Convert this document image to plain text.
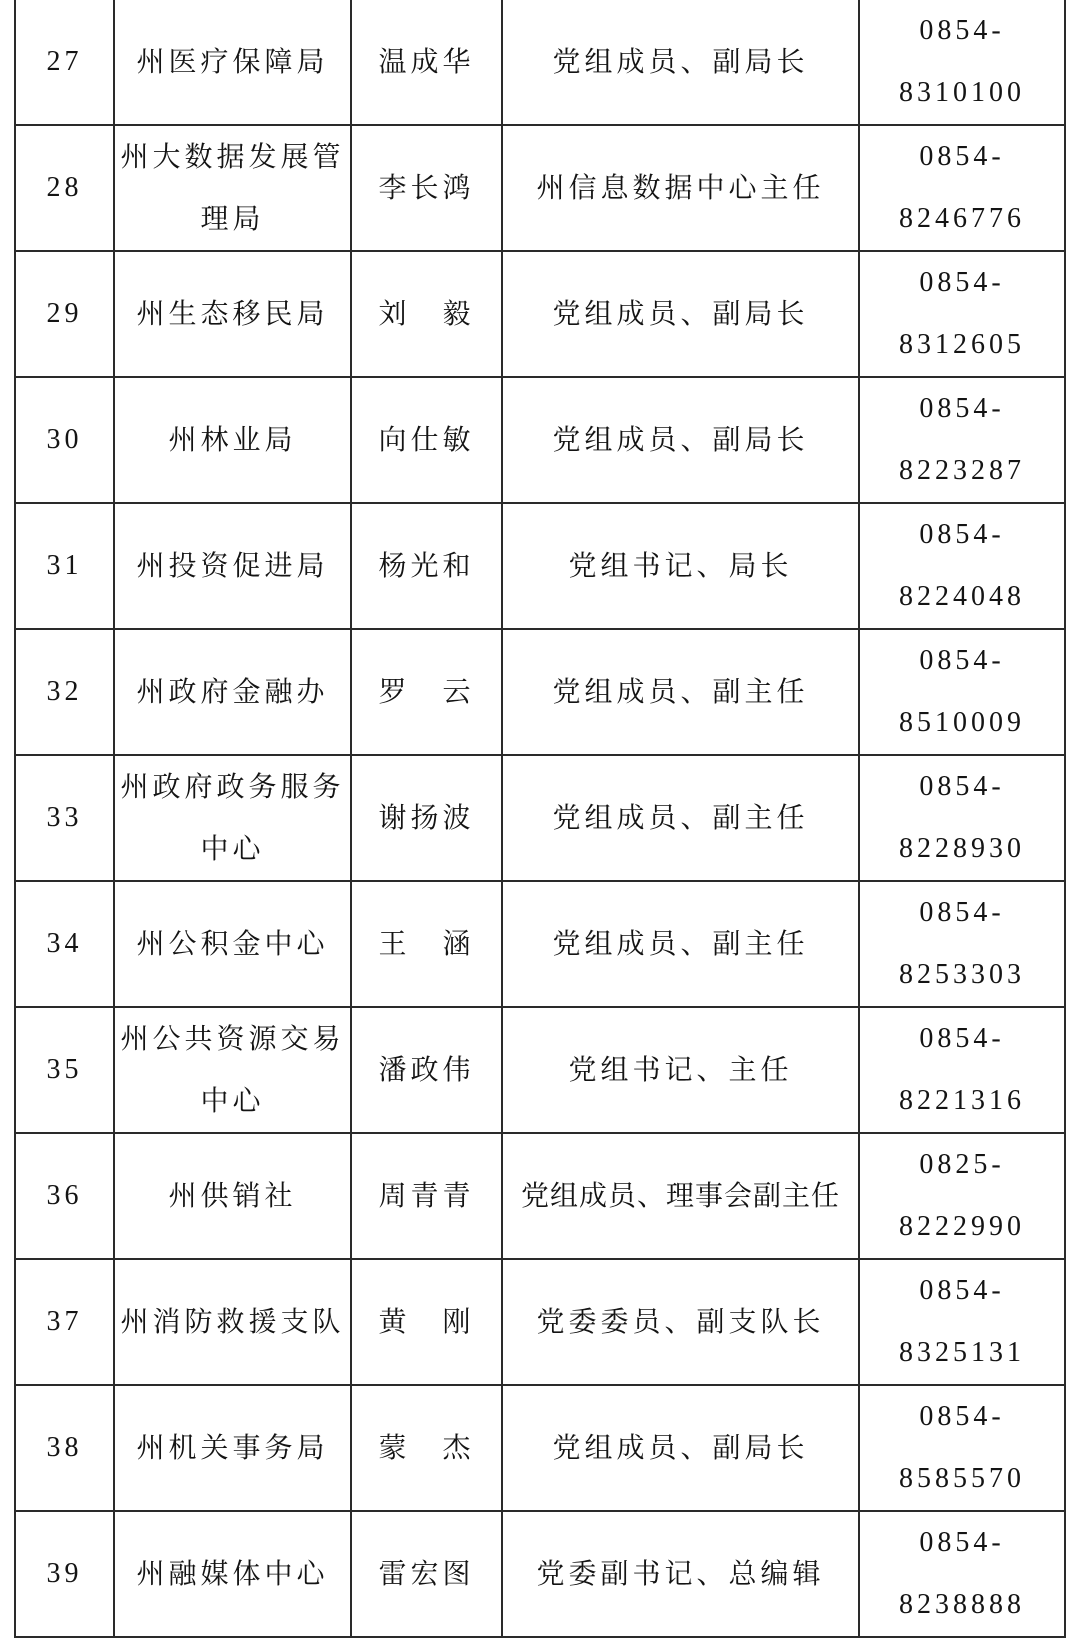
27	州医疗保障局	温成华	党组成员、副局长	0854-8310100
28	州大数据发展管理局	李长鸿	州信息数据中心主任	0854-8246776
29	州生态移民局	刘　毅	党组成员、副局长	0854-8312605
30	州林业局	向仕敏	党组成员、副局长	0854-8223287
31	州投资促进局	杨光和	党组书记、局长	0854-8224048
32	州政府金融办	罗　云	党组成员、副主任	0854-8510009
33	州政府政务服务中心	谢扬波	党组成员、副主任	0854-8228930
34	州公积金中心	王　涵	党组成员、副主任	0854-8253303
35	州公共资源交易中心	潘政伟	党组书记、主任	0854-8221316
36	州供销社	周青青	党组成员、理事会副主任	0825-8222990
37	州消防救援支队	黄　刚	党委委员、副支队长	0854-8325131
38	州机关事务局	蒙　杰	党组成员、副局长	0854-8585570
39	州融媒体中心	雷宏图	党委副书记、总编辑	0854-8238888
